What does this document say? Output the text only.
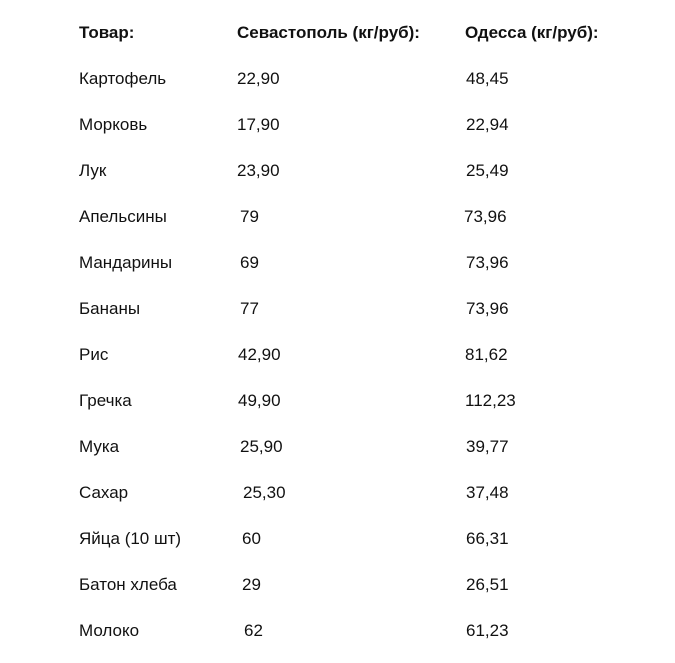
Товар:	Севастополь (кг/руб):	Одесса (кг/руб):
Картофель	22,90	48,45
Морковь	17,90	22,94
Лук	23,90	25,49
Апельсины	79	73,96
Мандарины	69	73,96
Бананы	77	73,96
Рис	42,90	81,62
Гречка	49,90	112,23
Мука	25,90	39,77
Сахар	25,30	37,48
Яйца (10 шт)	60	66,31
Батон хлеба	29	26,51
Молоко	62	61,23
